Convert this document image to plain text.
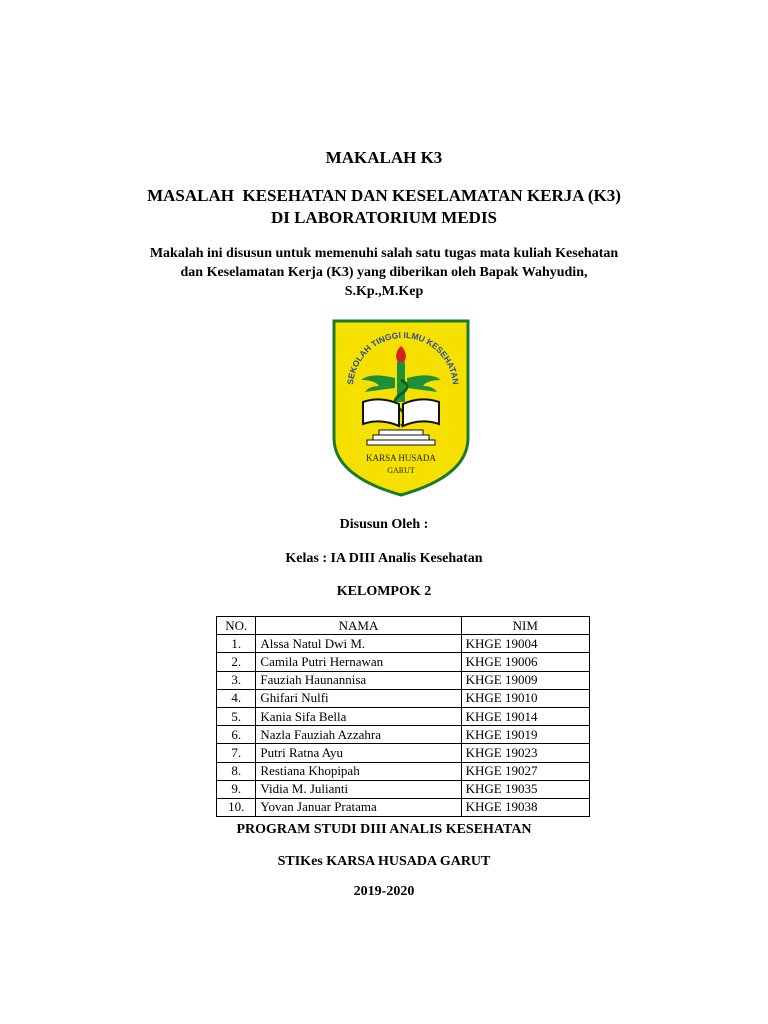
MAKALAH K3
MASALAH  KESEHATAN DAN KESELAMATAN KERJA (K3)
DI LABORATORIUM MEDIS
Makalah ini disusun untuk memenuhi salah satu tugas mata kuliah Kesehatan
dan Keselamatan Kerja (K3) yang diberikan oleh Bapak Wahyudin,
S.Kp.,M.Kep
SEKOLAH TINGGI ILMU KESEHATAN
KARSA HUSADA
GARUT
Disusun Oleh :
Kelas : IA DIII Analis Kesehatan
KELOMPOK 2
NO.	NAMA	NIM
1.	Alssa Natul Dwi M.	KHGE 19004
2.	Camila Putri Hernawan	KHGE 19006
3.	Fauziah Haunannisa	KHGE 19009
4.	Ghifari Nulfi	KHGE 19010
5.	Kania Sifa Bella	KHGE 19014
6.	Nazla Fauziah Azzahra	KHGE 19019
7.	Putri Ratna Ayu	KHGE 19023
8.	Restiana Khopipah	KHGE 19027
9.	Vidia M. Julianti	KHGE 19035
10.	Yovan Januar Pratama	KHGE 19038
PROGRAM STUDI DIII ANALIS KESEHATAN
STIKes KARSA HUSADA GARUT
2019-2020
